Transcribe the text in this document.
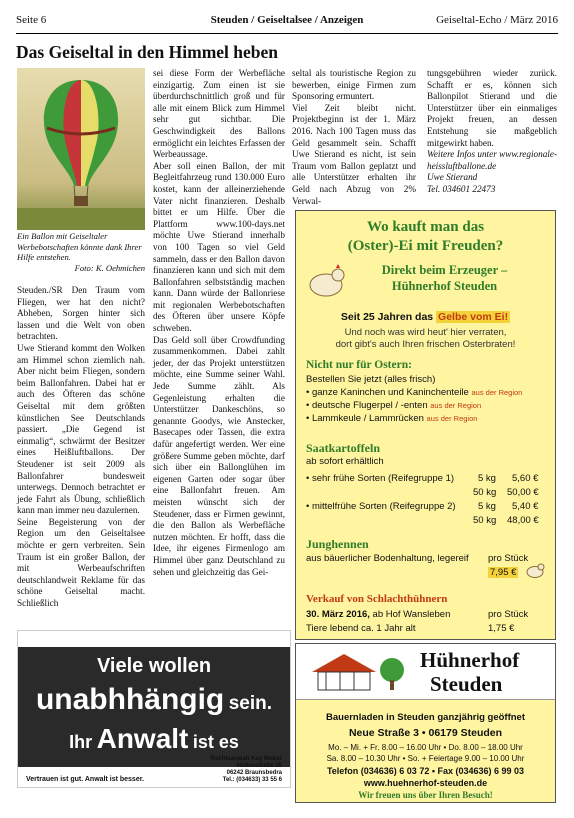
Seite 6	Steuden / Geiseltalsee / Anzeigen	Geiseltal-Echo / März 2016
Das Geiseltal in den Himmel heben
Ein Ballon mit Geiseltaler Werbebotschaften könnte dank Ihrer Hilfe entstehen.
Foto: K. Oehmichen

Steuden./SR Den Traum vom Fliegen, wer hat den nicht? Abheben, Sorgen hinter sich lassen und die Welt von oben betrachten.

Uwe Stierand kommt den Wolken am Himmel schon ziemlich nah. Aber nicht beim Fliegen, sondern beim Ballonfahren. Dabei hat er auch des Öfteren das schöne Geiseltal mit dem größten künstlichen See Deutschlands passiert. „Die Gegend ist einmalig“, schwärmt der Besitzer eines Heißluftballons. Der Steudener ist seit 2009 als Ballonfahrer bundesweit unterwegs. Dennoch betrachtet er jede Fahrt als Übung, schließlich kann man immer neu dazulernen.

Seine Begeisterung von der Region um den Geiseltalsee möchte er gern verbreiten. Sein Traum ist ein großer Ballon, der mit Werbeaufschriften deutschlandweit Reklame für das schöne Geiseltal macht. Schließlich

sei diese Form der Werbefläche einzigartig. Zum einen ist sie überdurchschnittlich groß und für alle mit einem Blick zum Himmel sehr gut sichtbar. Die Geschwindigkeit des Ballons ermöglicht ein leichtes Erfassen der Werbeaussage.

Aber soll einen Ballon, der mit Begleitfahrzeug rund 130.000 Euro kostet, kann der alleinerziehende Vater nicht finanzieren. Deshalb bittet er um Hilfe. Über die Plattform www.100-days.net möchte Uwe Stierand innerhalb von 100 Tagen so viel Geld sammeln, dass er den Ballon davon finanzieren kann und sich mit dem Ballonfahren selbstständig machen kann. Dann würde der Ballonriese mit regionalen Werbebotschaften des Öfteren über unsere Köpfe schweben.

Das Geld soll über Crowdfunding zusammenkommen. Dabei zahlt jeder, der das Projekt unterstützen möchte, eine Summe seiner Wahl. Jede Summe zählt. Als Gegenleistung erhalten die Unterstützer Dankeschöns, so genannte Goodys, wie Anstecker, Basecapes oder Tassen, die extra dafür angefertigt werden. Wer eine größere Summe geben möchte, darf sich über ein Ballonglühen im eigenen Garten oder sogar über eine Ballonfahrt freuen. Am meisten wünscht sich der Steudener, dass er Firmen gewinnt, die den Ballon als Werbefläche nutzen möchten. Er hofft, dass die Idee, ihr eigenes Firmenlogo am Himmel über ganz Deutschland zu sehen und gleichzeitig das Gei-

seltal als touristische Region zu bewerben, einige Firmen zum Sponsoring ermuntert.

Viel Zeit bleibt nicht. Projektbeginn ist der 1. März 2016. Nach 100 Tagen muss das Geld gesammelt sein. Schafft Uwe Stierand es nicht, ist sein Traum vom Ballon geplatzt und alle Unterstützer erhalten ihr Geld nach Abzug von 2% Verwal-

tungsgebühren wieder zurück. Schafft er es, können sich Ballonpilot Stierand und die Unterstützer über ein einmaliges Projekt freuen, an dessen Entstehung sie maßgeblich mitgewirkt haben.

Weitere Infos unter www.regionale-heissluftballone.de

Uwe Stierand

Tel. 034601 22473

Viele wollen
unabhhängig sein.
Ihr Anwalt ist es
Vertrauen ist gut. Anwalt ist besser.
Rechtsanwalt Kay Weber
Huttenstraße 15
06242 Braunsbedra
Tel.: (034633) 33 55 6
Wo kauft man das
(Oster)-Ei mit Freuden?
Direkt beim Erzeuger –
Hühnerhof Steuden
Seit 25 Jahren das Gelbe vom Ei!
Und noch was wird heut' hier verraten,
dort gibt's auch Ihren frischen Osterbraten!
Nicht nur für Ostern:
Bestellen Sie jetzt (alles frisch)
• ganze Kaninchen und Kaninchenteile aus der Region
• deutsche Flugerpel / -enten aus der Region
• Lammkeule / Lammrücken aus der Region
Saatkartoffeln
ab sofort erhältlich
• sehr frühe Sorten (Reifegruppe 1)	5 kg 5,60 €
50 kg 50,00 €
• mittelfrühe Sorten (Reifegruppe 2) 5 kg 5,40 €
50 kg 48,00 €
Junghennen
aus bäuerlicher Bodenhaltung, legereif pro Stück
7,95 €
Verkauf von Schlachthühnern
30. März 2016, ab Hof Wansleben	pro Stück
Tiere lebend ca. 1 Jahr alt	1,75 €
Hühnerhof
Steuden
Bauernladen in Steuden ganzjährig geöffnet
Neue Straße 3 • 06179 Steuden
Mo. – Mi. + Fr. 8.00 – 16.00 Uhr • Do. 8.00 – 18.00 Uhr
Sa. 8.00 – 10.30 Uhr • So. + Feiertage 9.00 – 10.00 Uhr
Telefon (034636) 6 03 72 • Fax (034636) 6 99 03
www.huehnerhof-steuden.de
Wir freuen uns über Ihren Besuch!
